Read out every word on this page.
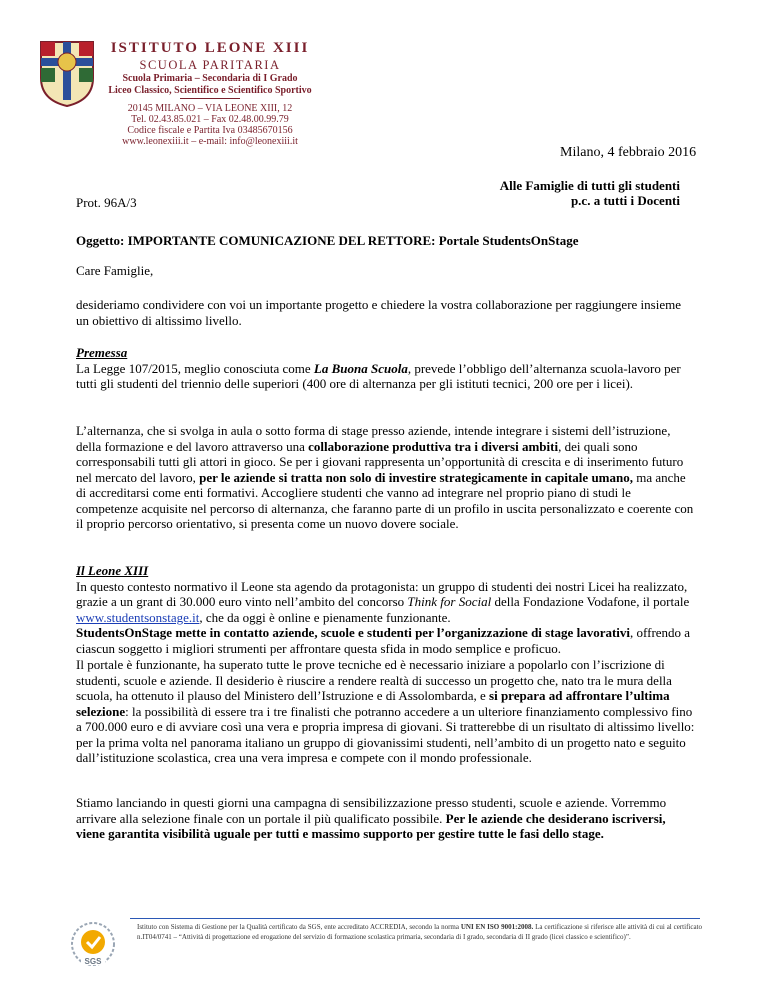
ISTITUTO LEONE XIII
SCUOLA PARITARIA
Scuola Primaria – Secondaria di I Grado
Liceo Classico, Scientifico e Scientifico Sportivo
20145 MILANO – VIA LEONE XIII, 12
Tel. 02.43.85.021 – Fax 02.48.00.99.79
Codice fiscale e Partita Iva 03485670156
www.leonexiii.it – e-mail: info@leonexiii.it
Milano, 4 febbraio 2016
Alle Famiglie di tutti gli studenti
p.c. a tutti i Docenti
Prot. 96A/3
Oggetto: IMPORTANTE COMUNICAZIONE DEL RETTORE: Portale StudentsOnStage
Care Famiglie,

desideriamo condividere con voi un importante progetto e chiedere la vostra collaborazione per raggiungere insieme un obiettivo di altissimo livello.

Premessa

La Legge 107/2015, meglio conosciuta come La Buona Scuola, prevede l’obbligo dell’alternanza scuola-lavoro per tutti gli studenti del triennio delle superiori (400 ore di alternanza per gli istituti tecnici, 200 ore per i licei).

L’alternanza, che si svolga in aula o sotto forma di stage presso aziende, intende integrare i sistemi dell’istruzione, della formazione e del lavoro attraverso una collaborazione produttiva tra i diversi ambiti, dei quali sono corresponsabili tutti gli attori in gioco. Se per i giovani rappresenta un’opportunità di crescita e di inserimento futuro nel mercato del lavoro, per le aziende si tratta non solo di investire strategicamente in capitale umano, ma anche di accreditarsi come enti formativi. Accogliere studenti che vanno ad integrare nel proprio piano di studi le competenze acquisite nel percorso di alternanza, che faranno parte di un profilo in uscita personalizzato e coerente con il proprio percorso orientativo, si presenta come un nuovo dovere sociale.

Il Leone XIII

In questo contesto normativo il Leone sta agendo da protagonista: un gruppo di studenti dei nostri Licei ha realizzato, grazie a un grant di 30.000 euro vinto nell’ambito del concorso Think for Social della Fondazione Vodafone, il portale www.studentsonstage.it, che da oggi è online e pienamente funzionante.
StudentsOnStage mette in contatto aziende, scuole e studenti per l’organizzazione di stage lavorativi, offrendo a ciascun soggetto i migliori strumenti per affrontare questa sfida in modo semplice e proficuo.

Il portale è funzionante, ha superato tutte le prove tecniche ed è necessario iniziare a popolarlo con l’iscrizione di studenti, scuole e aziende. Il desiderio è riuscire a rendere realtà di successo un progetto che, nato tra le mura della scuola, ha ottenuto il plauso del Ministero dell’Istruzione e di Assolombarda, e si prepara ad affrontare l’ultima selezione: la possibilità di essere tra i tre finalisti che potranno accedere a un ulteriore finanziamento complessivo fino a 700.000 euro e di avviare così una vera e propria impresa di giovani. Si tratterebbe di un risultato di altissimo livello: per la prima volta nel panorama italiano un gruppo di giovanissimi studenti, nell’ambito di un progetto nato e seguito dall’istituzione scolastica, crea una vera impresa e compete con il mondo professionale.

Stiamo lanciando in questi giorni una campagna di sensibilizzazione presso studenti, scuole e aziende. Vorremmo arrivare alla selezione finale con un portale il più qualificato possibile. Per le aziende che desiderano iscriversi, viene garantita visibilità uguale per tutti e massimo supporto per gestire tutte le fasi dello stage.

SGS
Istituto con Sistema di Gestione per la Qualità certificato da SGS, ente accreditato ACCREDIA, secondo la norma UNI EN ISO 9001:2008. La certificazione si riferisce alle attività di cui al certificato n.IT04/0741 – “Attività di progettazione ed erogazione del servizio di formazione scolastica primaria, secondaria di I grado, secondaria di II grado (licei classico e scientifico)”.
